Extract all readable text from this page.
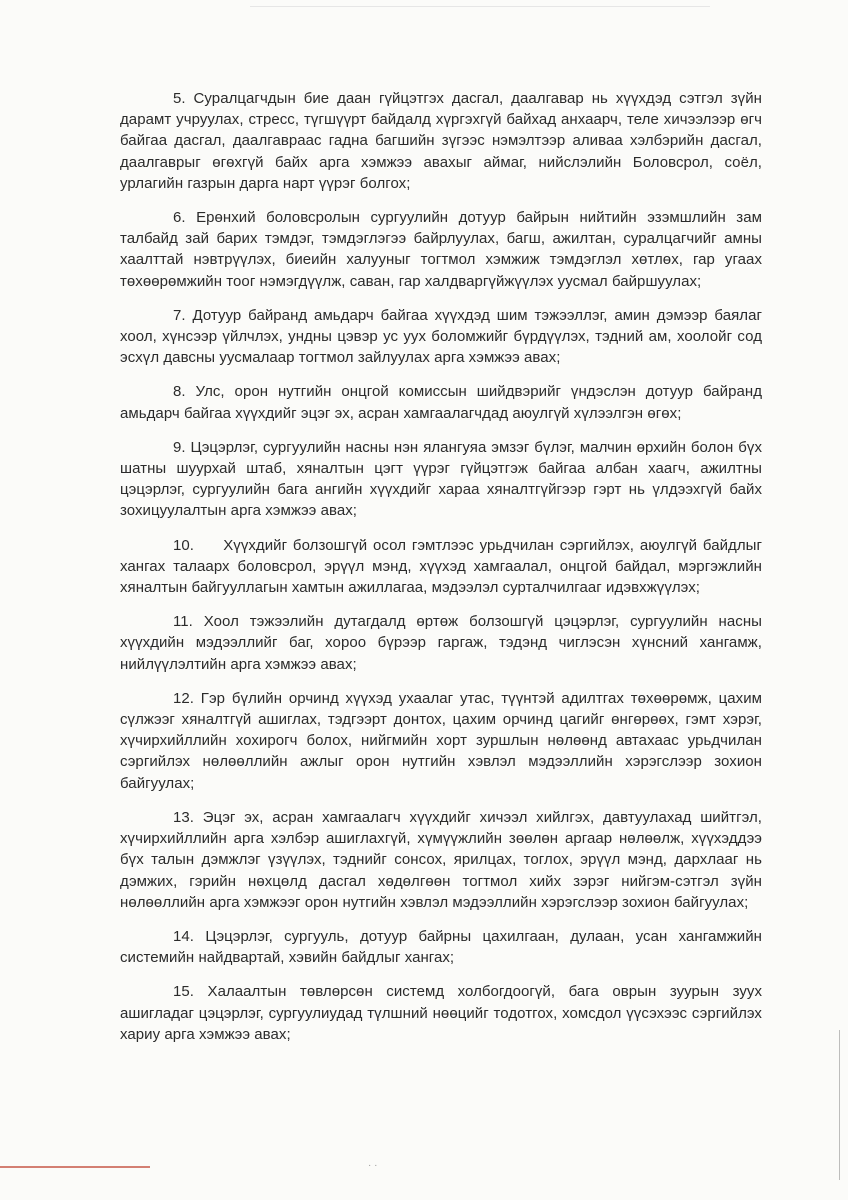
5. Суралцагчдын бие даан гүйцэтгэх дасгал, даалгавар нь хүүхдэд сэтгэл зүйн дарамт учруулах, стресс, түгшүүрт байдалд хүргэхгүй байхад анхаарч, теле хичээлээр өгч байгаа дасгал, даалгавраас гадна багшийн зүгээс нэмэлтээр аливаа хэлбэрийн дасгал, даалгаврыг өгөхгүй байх арга хэмжээ авахыг аймаг, нийслэлийн Боловсрол, соёл, урлагийн газрын дарга нарт үүрэг болгох;

6. Ерөнхий боловсролын сургуулийн дотуур байрын нийтийн эзэмшлийн зам талбайд зай барих тэмдэг, тэмдэглэгээ байрлуулах, багш, ажилтан, суралцагчийг амны хаалттай нэвтрүүлэх, биеийн халууныг тогтмол хэмжиж тэмдэглэл хөтлөх, гар угаах төхөөрөмжийн тоог нэмэгдүүлж, саван, гар халдваргүйжүүлэх уусмал байршуулах;

7. Дотуур байранд амьдарч байгаа хүүхдэд шим тэжээллэг, амин дэмээр баялаг хоол, хүнсээр үйлчлэх, ундны цэвэр ус уух боломжийг бүрдүүлэх, тэдний ам, хоолойг сод эсхүл давсны уусмалаар тогтмол зайлуулах арга хэмжээ авах;

8. Улс, орон нутгийн онцгой комиссын шийдвэрийг үндэслэн дотуур байранд амьдарч байгаа хүүхдийг эцэг эх, асран хамгаалагчдад аюулгүй хүлээлгэн өгөх;

9. Цэцэрлэг, сургуулийн насны нэн ялангуяа эмзэг бүлэг, малчин өрхийн болон бүх шатны шуурхай штаб, хяналтын цэгт үүрэг гүйцэтгэж байгаа албан хаагч, ажилтны цэцэрлэг, сургуулийн бага ангийн хүүхдийг хараа хяналтгүйгээр гэрт нь үлдээхгүй байх зохицуулалтын арга хэмжээ авах;

10.     Хүүхдийг болзошгүй осол гэмтлээс урьдчилан сэргийлэх, аюулгүй байдлыг хангах талаарх боловсрол, эрүүл мэнд, хүүхэд хамгаалал, онцгой байдал, мэргэжлийн хяналтын байгууллагын хамтын ажиллагаа, мэдээлэл сурталчилгааг идэвхжүүлэх;

11. Хоол тэжээлийн дутагдалд өртөж болзошгүй цэцэрлэг, сургуулийн насны хүүхдийн мэдээллийг баг, хороо бүрээр гаргаж, тэдэнд чиглэсэн хүнсний хангамж, нийлүүлэлтийн арга хэмжээ авах;

12. Гэр бүлийн орчинд хүүхэд ухаалаг утас, түүнтэй адилтгах төхөөрөмж, цахим сүлжээг хяналтгүй ашиглах, тэдгээрт донтох, цахим орчинд цагийг өнгөрөөх, гэмт хэрэг, хүчирхийллийн хохирогч болох, нийгмийн хорт зуршлын нөлөөнд автахаас урьдчилан сэргийлэх нөлөөллийн ажлыг орон нутгийн хэвлэл мэдээллийн хэрэгслээр зохион байгуулах;

13. Эцэг эх, асран хамгаалагч хүүхдийг хичээл хийлгэх, давтуулахад шийтгэл, хүчирхийллийн арга хэлбэр ашиглахгүй, хүмүүжлийн зөөлөн аргаар нөлөөлж, хүүхэддээ бүх талын дэмжлэг үзүүлэх, тэднийг сонсох, ярилцах, тоглох, эрүүл мэнд, дархлааг нь дэмжих, гэрийн нөхцөлд дасгал хөдөлгөөн тогтмол хийх зэрэг нийгэм-сэтгэл зүйн нөлөөллийн арга хэмжээг орон нутгийн хэвлэл мэдээллийн хэрэгслээр зохион байгуулах;

14. Цэцэрлэг, сургууль, дотуур байрны цахилгаан, дулаан, усан хангамжийн системийн найдвартай, хэвийн байдлыг хангах;

15. Халаалтын төвлөрсөн системд холбогдоогүй, бага оврын зуурын зуух ашигладаг цэцэрлэг, сургуулиудад түлшний нөөцийг тодотгох, хомсдол үүсэхээс сэргийлэх хариу арга хэмжээ авах;

· ·
